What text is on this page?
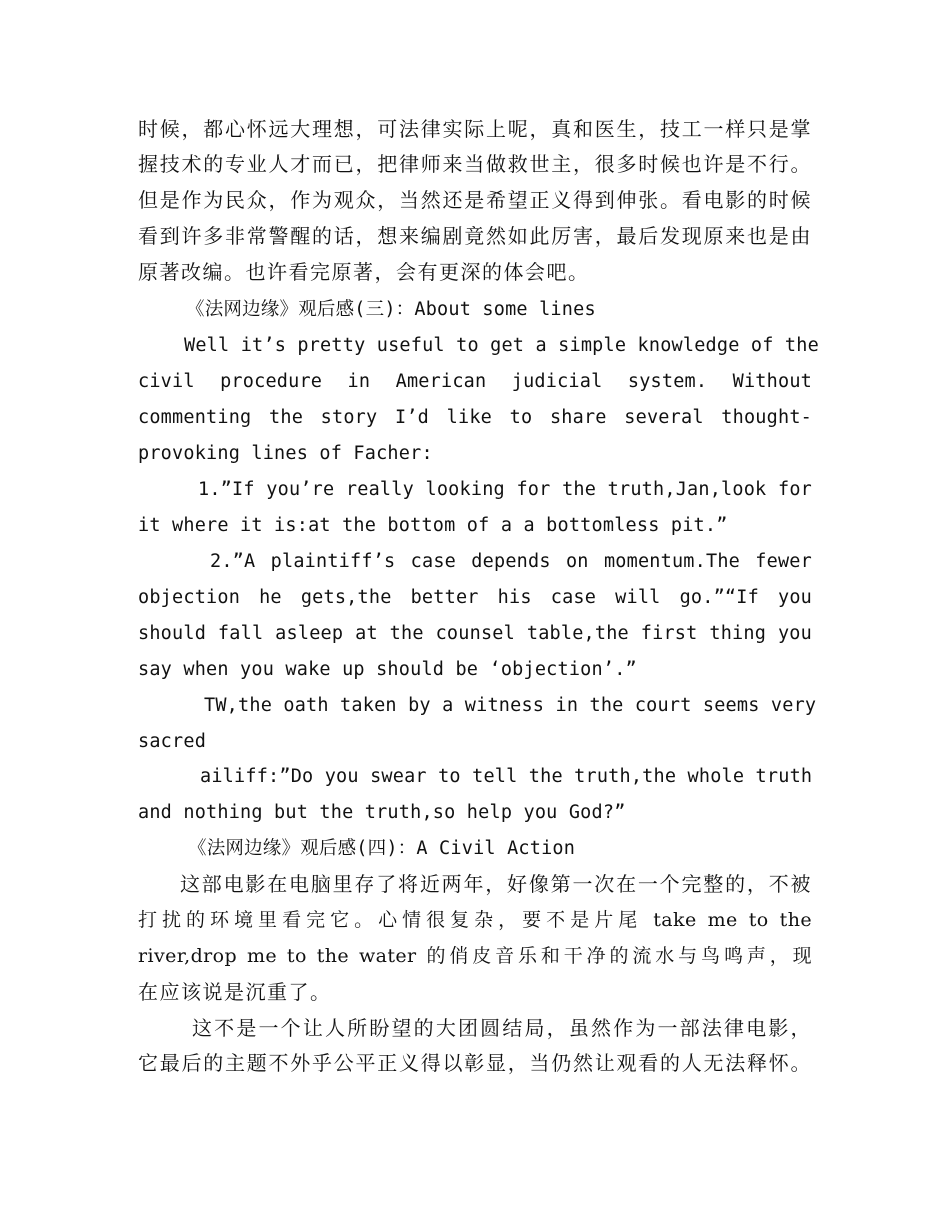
时候，都心怀远大理想，可法律实际上呢，真和医生，技工一样只是掌
握技术的专业人才而已，把律师来当做救世主，很多时候也许是不行。
但是作为民众，作为观众，当然还是希望正义得到伸张。看电影的时候
看到许多非常警醒的话，想来编剧竟然如此厉害，最后发现原来也是由
原著改编。也许看完原著，会有更深的体会吧。
《法网边缘》观后感(三)：About some lines
Well it’s pretty useful to get a simple knowledge of the
civil procedure in American judicial system. Without
commenting the story I’d like to share several thought-
provoking lines of Facher:
1.”If you’re really looking for the truth,Jan,look for
it where it is:at the bottom of a a bottomless pit.”
2.”A plaintiff’s case depends on momentum.The fewer
objection he gets,the better his case will go.”“If you
should fall asleep at the counsel table,the first thing you
say when you wake up should be ‘objection’.”
TW,the oath taken by a witness in the court seems very
sacred
ailiff:”Do you swear to tell the truth,the whole truth
and nothing but the truth,so help you God?”
《法网边缘》观后感(四)：A Civil Action
这部电影在电脑里存了将近两年，好像第一次在一个完整的，不被
打扰的环境里看完它。心情很复杂，要不是片尾 take me to the
river,drop me to the water 的俏皮音乐和干净的流水与鸟鸣声，现
在应该说是沉重了。
这不是一个让人所盼望的大团圆结局，虽然作为一部法律电影，
它最后的主题不外乎公平正义得以彰显，当仍然让观看的人无法释怀。
